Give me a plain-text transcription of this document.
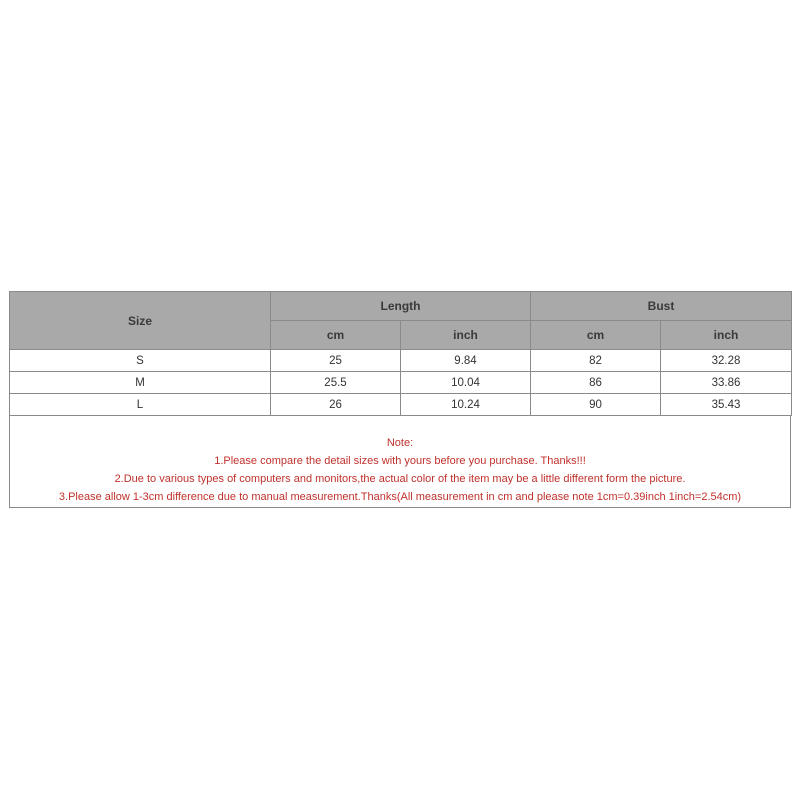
Size	Length		Bust	
	cm	inch	cm	inch
S	25	9.84	82	32.28
M	25.5	10.04	86	33.86
L	26	10.24	90	35.43
Note:
1.Please compare the detail sizes with yours before you purchase. Thanks!!!
2.Due to various types of computers and monitors,the actual color of the item may be a little different form the picture.
3.Please allow 1-3cm difference due to manual measurement.Thanks(All measurement in cm and please note 1cm=0.39inch 1inch=2.54cm)
